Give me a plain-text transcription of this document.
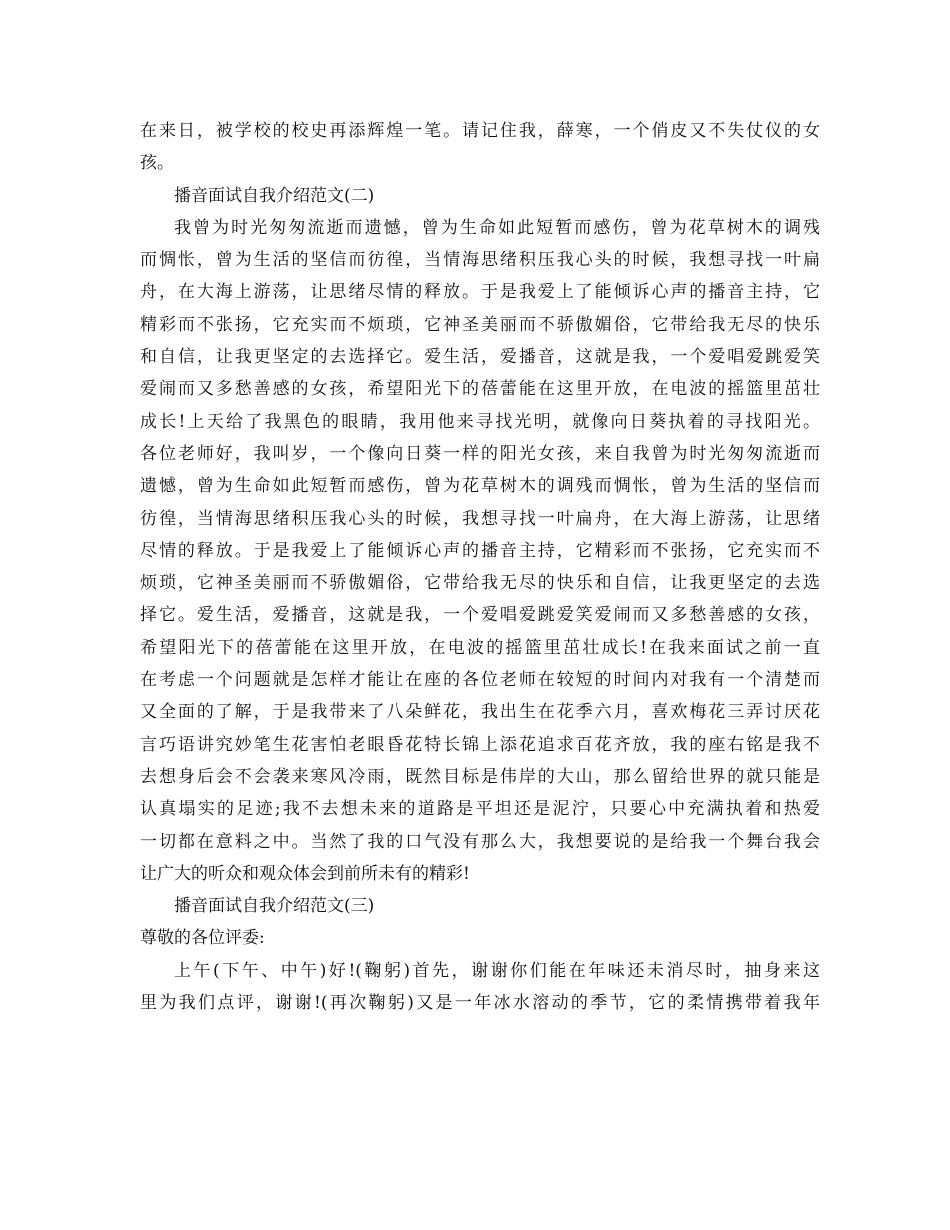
在来日，被学校的校史再添辉煌一笔。请记住我，薛寒，一个俏皮又不失仗仪的女
孩。
播音面试自我介绍范文(二)
我曾为时光匆匆流逝而遗憾，曾为生命如此短暂而感伤，曾为花草树木的调残
而惆怅，曾为生活的坚信而彷徨，当情海思绪积压我心头的时候，我想寻找一叶扁
舟，在大海上游荡，让思绪尽情的释放。于是我爱上了能倾诉心声的播音主持，它
精彩而不张扬，它充实而不烦琐，它神圣美丽而不骄傲媚俗，它带给我无尽的快乐
和自信，让我更坚定的去选择它。爱生活，爱播音，这就是我，一个爱唱爱跳爱笑
爱闹而又多愁善感的女孩，希望阳光下的蓓蕾能在这里开放，在电波的摇篮里茁壮
成长!上天给了我黑色的眼睛，我用他来寻找光明，就像向日葵执着的寻找阳光。
各位老师好，我叫岁，一个像向日葵一样的阳光女孩，来自我曾为时光匆匆流逝而
遗憾，曾为生命如此短暂而感伤，曾为花草树木的调残而惆怅，曾为生活的坚信而
彷徨，当情海思绪积压我心头的时候，我想寻找一叶扁舟，在大海上游荡，让思绪
尽情的释放。于是我爱上了能倾诉心声的播音主持，它精彩而不张扬，它充实而不
烦琐，它神圣美丽而不骄傲媚俗，它带给我无尽的快乐和自信，让我更坚定的去选
择它。爱生活，爱播音，这就是我，一个爱唱爱跳爱笑爱闹而又多愁善感的女孩，
希望阳光下的蓓蕾能在这里开放，在电波的摇篮里茁壮成长!在我来面试之前一直
在考虑一个问题就是怎样才能让在座的各位老师在较短的时间内对我有一个清楚而
又全面的了解，于是我带来了八朵鲜花，我出生在花季六月，喜欢梅花三弄讨厌花
言巧语讲究妙笔生花害怕老眼昏花特长锦上添花追求百花齐放，我的座右铭是我不
去想身后会不会袭来寒风冷雨，既然目标是伟岸的大山，那么留给世界的就只能是
认真塌实的足迹;我不去想未来的道路是平坦还是泥泞，只要心中充满执着和热爱
一切都在意料之中。当然了我的口气没有那么大，我想要说的是给我一个舞台我会
让广大的听众和观众体会到前所未有的精彩!
播音面试自我介绍范文(三)
尊敬的各位评委:
上午(下午、中午)好!(鞠躬)首先，谢谢你们能在年味还未消尽时，抽身来这
里为我们点评，谢谢!(再次鞠躬)又是一年冰水溶动的季节，它的柔情携带着我年
